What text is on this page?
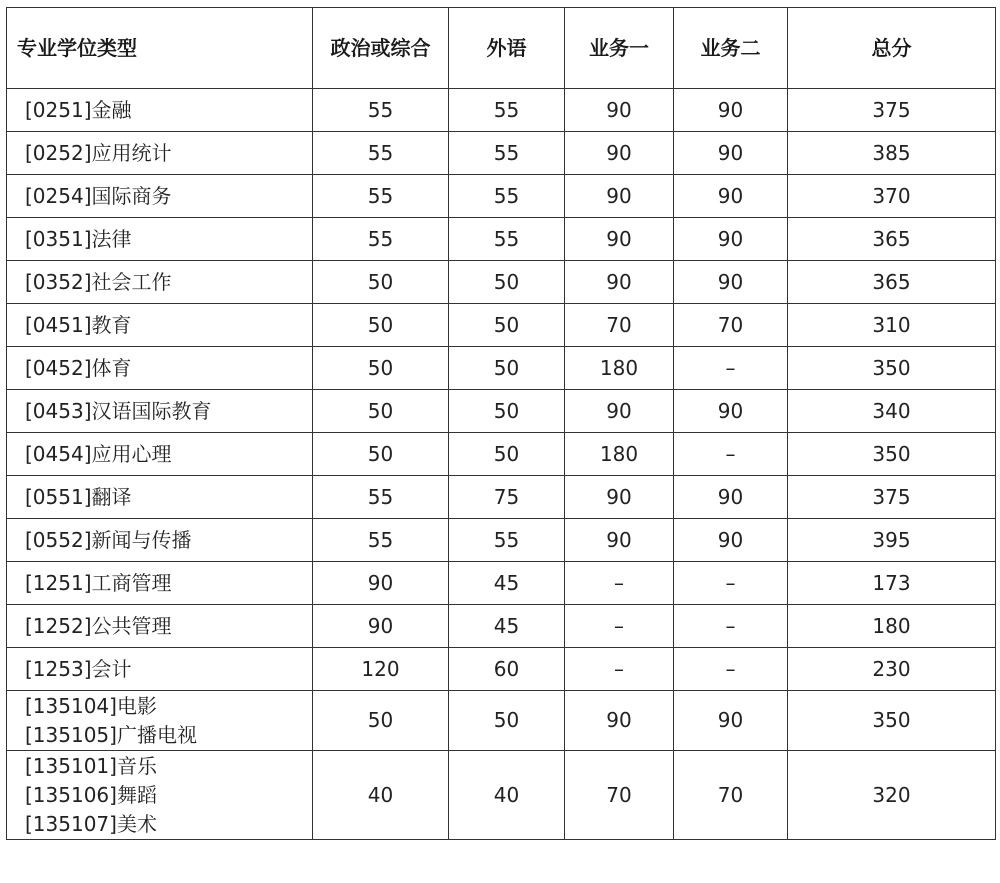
专业学位类型	政治或综合	外语	业务一	业务二	总分

[0251]金融	55	55	90	90	375

[0252]应用统计	55	55	90	90	385

[0254]国际商务	55	55	90	90	370

[0351]法律	55	55	90	90	365

[0352]社会工作	50	50	90	90	365

[0451]教育	50	50	70	70	310

[0452]体育	50	50	180	–	350

[0453]汉语国际教育	50	50	90	90	340

[0454]应用心理	50	50	180	–	350

[0551]翻译	55	75	90	90	375

[0552]新闻与传播	55	55	90	90	395

[1251]工商管理	90	45	–	–	173

[1252]公共管理	90	45	–	–	180

[1253]会计	120	60	–	–	230

[135104]电影
[135105]广播电视	50	50	90	90	350

[135101]音乐
[135106]舞蹈
[135107]美术	40	40	70	70	320
